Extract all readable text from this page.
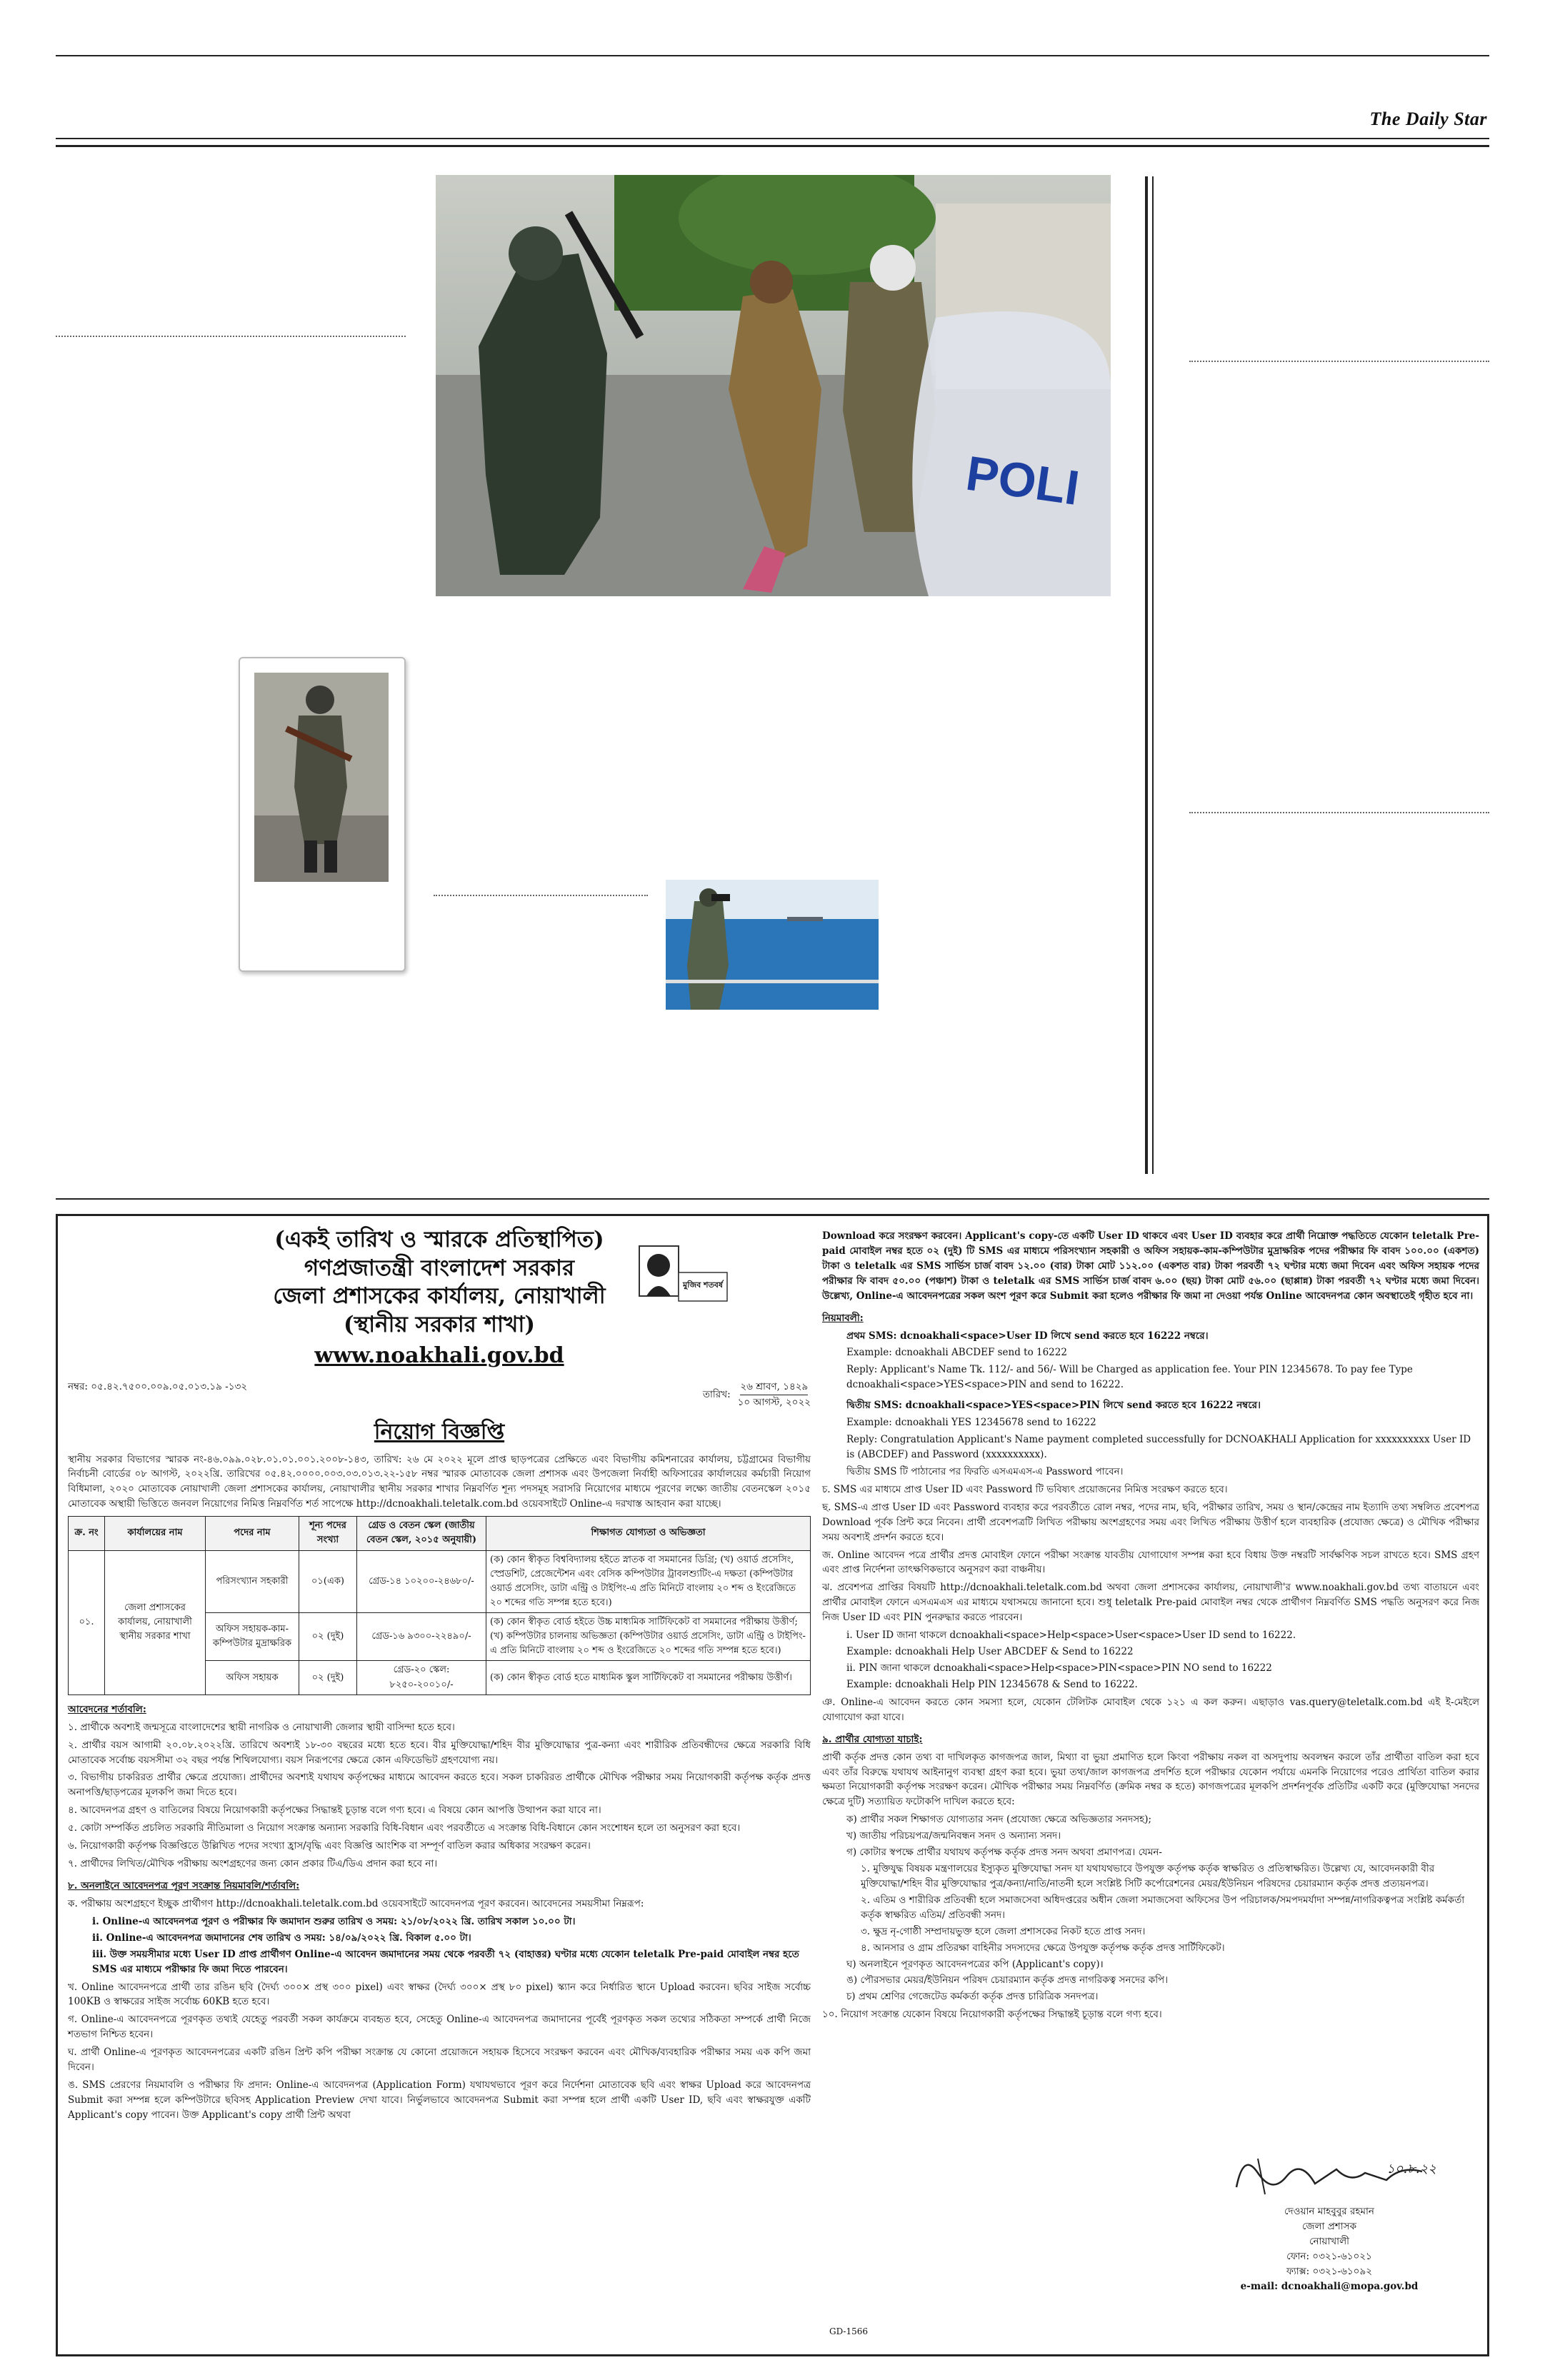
The Daily Star
POLI
(একই তারিখ ও স্মারকে প্রতিস্থাপিত)
গণপ্রজাতন্ত্রী বাংলাদেশ সরকার
জেলা প্রশাসকের কার্যালয়, নোয়াখালী
(স্থানীয় সরকার শাখা)
www.noakhali.gov.bd
মুজিব শতবর্ষ
নম্বর: ০৫.৪২.৭৫০০.০০৯.০৫.০১৩.১৯ -১৩২
তারিখ:
২৬ শ্রাবণ, ১৪২৯
১০ আগস্ট, ২০২২
নিয়োগ বিজ্ঞপ্তি

স্থানীয় সরকার বিভাগের স্মারক নং-৪৬.০৯৯.০২৮.০১.০১.০০১.২০০৮-১৪৩, তারিখ: ২৬ মে ২০২২ মূলে প্রাপ্ত ছাড়পত্রের প্রেক্ষিতে এবং বিভাগীয় কমিশনারের কার্যালয়, চট্টগ্রামের বিভাগীয় নির্বাচনী বোর্ডের ০৮ আগস্ট, ২০২২খ্রি. তারিখের ০৫.৪২.০০০০.০০৩.০৩.০১৩.২২-১৫৮ নম্বর স্মারক মোতাবেক জেলা প্রশাসক এবং উপজেলা নির্বাহী অফিসারের কার্যালয়ের কর্মচারী নিয়োগ বিধিমালা, ২০২০ মোতাবেক নোয়াখালী জেলা প্রশাসকের কার্যালয়, নোয়াখালীর স্থানীয় সরকার শাখার নিম্নবর্ণিত শূন্য পদসমূহ সরাসরি নিয়োগের মাধ্যমে পূরণের লক্ষ্যে জাতীয় বেতনস্কেল ২০১৫ মোতাবেক অস্থায়ী ভিত্তিতে জনবল নিয়োগের নিমিত্ত নিম্নবর্ণিত শর্ত সাপেক্ষে http://dcnoakhali.teletalk.com.bd ওয়েবসাইটে Online-এ দরখাস্ত আহবান করা যাচ্ছে।

ক্র. নং	কার্যালয়ের নাম	পদের নাম	শূন্য পদের সংখ্যা	গ্রেড ও বেতন স্কেল (জাতীয় বেতন স্কেল, ২০১৫ অনুযায়ী)	শিক্ষাগত যোগ্যতা ও অভিজ্ঞতা
০১.	জেলা প্রশাসকের কার্যালয়, নোয়াখালী স্থানীয় সরকার শাখা	পরিসংখ্যান সহকারী	০১(এক)	গ্রেড-১৪ ১০২০০-২৪৬৮০/-	(ক) কোন স্বীকৃত বিশ্ববিদ্যালয় হইতে স্নাতক বা সমমানের ডিগ্রি; (খ) ওয়ার্ড প্রসেসিং, স্প্রেডশিট, প্রেজেন্টেশন এবং বেসিক কম্পিউটার ট্রাবলশ্যুটিং-এ দক্ষতা (কম্পিউটার ওয়ার্ড প্রসেসিং, ডাটা এন্ট্রি ও টাইপিং-এ প্রতি মিনিটে বাংলায় ২০ শব্দ ও ইংরেজিতে ২০ শব্দের গতি সম্পন্ন হতে হবে।)
		অফিস সহায়ক-কাম-কম্পিউটার মুদ্রাক্ষরিক	০২ (দুই)	গ্রেড-১৬ ৯৩০০-২২৪৯০/-	(ক) কোন স্বীকৃত বোর্ড হইতে উচ্চ মাধ্যমিক সার্টিফিকেট বা সমমানের পরীক্ষায় উত্তীর্ণ; (খ) কম্পিউটার চালনায় অভিজ্ঞতা (কম্পিউটার ওয়ার্ড প্রসেসিং, ডাটা এন্ট্রি ও টাইপিং-এ প্রতি মিনিটে বাংলায় ২০ শব্দ ও ইংরেজিতে ২০ শব্দের গতি সম্পন্ন হতে হবে।)
		অফিস সহায়ক	০২ (দুই)	গ্রেড-২০ স্কেল: ৮২৫০-২০০১০/-	(ক) কোন স্বীকৃত বোর্ড হতে মাধ্যমিক স্কুল সার্টিফিকেট বা সমমানের পরীক্ষায় উত্তীর্ণ।
আবেদনের শর্তাবলি:

১. প্রার্থীকে অবশ্যই জন্মসূত্রে বাংলাদেশের স্থায়ী নাগরিক ও নোয়াখালী জেলার স্থায়ী বাসিন্দা হতে হবে।

২. প্রার্থীর বয়স আগামী ২০.০৮.২০২২খ্রি. তারিখে অবশ্যই ১৮-৩০ বছরের মধ্যে হতে হবে। বীর মুক্তিযোদ্ধা/শহিদ বীর মুক্তিযোদ্ধার পুত্র-কন্যা এবং শারীরিক প্রতিবন্ধীদের ক্ষেত্রে সরকারি বিধি মোতাবেক সর্বোচ্চ বয়সসীমা ৩২ বছর পর্যন্ত শিথিলযোগ্য। বয়স নিরূপণের ক্ষেত্রে কোন এফিডেভিট গ্রহণযোগ্য নয়।

৩. বিভাগীয় চাকরিরত প্রার্থীর ক্ষেত্রে প্রযোজ্য। প্রার্থীদের অবশ্যই যথাযথ কর্তৃপক্ষের মাধ্যমে আবেদন করতে হবে। সকল চাকরিরত প্রার্থীকে মৌখিক পরীক্ষার সময় নিয়োগকারী কর্তৃপক্ষ কর্তৃক প্রদত্ত অনাপত্তি/ছাড়পত্রের মূলকপি জমা দিতে হবে।

৪. আবেদনপত্র গ্রহণ ও বাতিলের বিষয়ে নিয়োগকারী কর্তৃপক্ষের সিদ্ধান্তই চূড়ান্ত বলে গণ্য হবে। এ বিষয়ে কোন আপত্তি উত্থাপন করা যাবে না।

৫. কোটা সম্পর্কিত প্রচলিত সরকারি নীতিমালা ও নিয়োগ সংক্রান্ত অন্যান্য সরকারি বিধি-বিধান এবং পরবর্তীতে এ সংক্রান্ত বিধি-বিধানে কোন সংশোধন হলে তা অনুসরণ করা হবে।

৬. নিয়োগকারী কর্তৃপক্ষ বিজ্ঞপ্তিতে উল্লিখিত পদের সংখ্যা হ্রাস/বৃদ্ধি এবং বিজ্ঞপ্তি আংশিক বা সম্পূর্ণ বাতিল করার অধিকার সংরক্ষণ করেন।

৭. প্রার্থীদের লিখিত/মৌখিক পরীক্ষায় অংশগ্রহণের জন্য কোন প্রকার টিএ/ডিএ প্রদান করা হবে না।

৮. অনলাইনে আবেদনপত্র পূরণ সংক্রান্ত নিয়মাবলি/শর্তাবলি:

ক. পরীক্ষায় অংশগ্রহণে ইচ্ছুক প্রার্থীগণ http://dcnoakhali.teletalk.com.bd ওয়েবসাইটে আবেদনপত্র পূরণ করবেন। আবেদনের সময়সীমা নিম্নরূপ:

i. Online-এ আবেদনপত্র পূরণ ও পরীক্ষার ফি জমাদান শুরুর তারিখ ও সময়: ২১/০৮/২০২২ খ্রি. তারিখ সকাল ১০.০০ টা।
ii. Online-এ আবেদনপত্র জমাদানের শেষ তারিখ ও সময়: ১৪/০৯/২০২২ খ্রি. বিকাল ৫.০০ টা।
iii. উক্ত সময়সীমার মধ্যে User ID প্রাপ্ত প্রার্থীগণ Online-এ আবেদন জমাদানের সময় থেকে পরবর্তী ৭২ (বাহাত্তর) ঘণ্টার মধ্যে যেকোন teletalk Pre-paid মোবাইল নম্বর হতে SMS এর মাধ্যমে পরীক্ষার ফি জমা দিতে পারবেন।

খ. Online আবেদনপত্রে প্রার্থী তার রঙিন ছবি (দৈর্ঘ্য ৩০০× প্রস্থ ৩০০ pixel) এবং স্বাক্ষর (দৈর্ঘ্য ৩০০× প্রস্থ ৮০ pixel) স্ক্যান করে নির্ধারিত স্থানে Upload করবেন। ছবির সাইজ সর্বোচ্চ 100KB ও স্বাক্ষরের সাইজ সর্বোচ্চ 60KB হতে হবে।

গ. Online-এ আবেদনপত্রে পূরণকৃত তথ্যই যেহেতু পরবর্তী সকল কার্যক্রমে ব্যবহৃত হবে, সেহেতু Online-এ আবেদনপত্র জমাদানের পূর্বেই পূরণকৃত সকল তথ্যের সঠিকতা সম্পর্কে প্রার্থী নিজে শতভাগ নিশ্চিত হবেন।

ঘ. প্রার্থী Online-এ পূরণকৃত আবেদনপত্রের একটি রঙিন প্রিন্ট কপি পরীক্ষা সংক্রান্ত যে কোনো প্রয়োজনে সহায়ক হিসেবে সংরক্ষণ করবেন এবং মৌখিক/ব্যবহারিক পরীক্ষার সময় এক কপি জমা দিবেন।

ঙ. SMS প্রেরণের নিয়মাবলি ও পরীক্ষার ফি প্রদান: Online-এ আবেদনপত্র (Application Form) যথাযথভাবে পূরণ করে নির্দেশনা মোতাবেক ছবি এবং স্বাক্ষর Upload করে আবেদনপত্র Submit করা সম্পন্ন হলে কম্পিউটারে ছবিসহ Application Preview দেখা যাবে। নির্ভুলভাবে আবেদনপত্র Submit করা সম্পন্ন হলে প্রার্থী একটি User ID, ছবি এবং স্বাক্ষরযুক্ত একটি Applicant's copy পাবেন। উক্ত Applicant's copy প্রার্থী প্রিন্ট অথবা

Download করে সংরক্ষণ করবেন। Applicant's copy-তে একটি User ID থাকবে এবং User ID ব্যবহার করে প্রার্থী নিম্নোক্ত পদ্ধতিতে যেকোন teletalk Pre-paid মোবাইল নম্বর হতে ০২ (দুই) টি SMS এর মাধ্যমে পরিসংখ্যান সহকারী ও অফিস সহায়ক-কাম-কম্পিউটার মুদ্রাক্ষরিক পদের পরীক্ষার ফি বাবদ ১০০.০০ (একশত) টাকা ও teletalk এর SMS সার্ভিস চার্জ বাবদ ১২.০০ (বার) টাকা মোট ১১২.০০ (একশত বার) টাকা পরবর্তী ৭২ ঘণ্টার মধ্যে জমা দিবেন এবং অফিস সহায়ক পদের পরীক্ষার ফি বাবদ ৫০.০০ (পঞ্চাশ) টাকা ও teletalk এর SMS সার্ভিস চার্জ বাবদ ৬.০০ (ছয়) টাকা মোট ৫৬.০০ (ছাপ্পান্ন) টাকা পরবর্তী ৭২ ঘণ্টার মধ্যে জমা দিবেন। উল্লেখ্য, Online-এ আবেদনপত্রের সকল অংশ পূরণ করে Submit করা হলেও পরীক্ষার ফি জমা না দেওয়া পর্যন্ত Online আবেদনপত্র কোন অবস্থাতেই গৃহীত হবে না।

নিয়মাবলী:
প্রথম SMS: dcnoakhali<space>User ID লিখে send করতে হবে 16222 নম্বরে।
Example: dcnoakhali ABCDEF send to 16222
Reply: Applicant's Name Tk. 112/- and 56/- Will be Charged as application fee. Your PIN 12345678. To pay fee Type dcnoakhali<space>YES<space>PIN and send to 16222.
দ্বিতীয় SMS: dcnoakhali<space>YES<space>PIN লিখে send করতে হবে 16222 নম্বরে।
Example: dcnoakhali YES 12345678 send to 16222
Reply: Congratulation Applicant's Name payment completed successfully for DCNOAKHALI Application for xxxxxxxxxx User ID is (ABCDEF) and Password (xxxxxxxxxx).
দ্বিতীয় SMS টি পাঠানোর পর ফিরতি এসএমএস-এ Password পাবেন।

চ. SMS এর মাধ্যমে প্রাপ্ত User ID এবং Password টি ভবিষ্যৎ প্রয়োজনের নিমিত্ত সংরক্ষণ করতে হবে।

ছ. SMS-এ প্রাপ্ত User ID এবং Password ব্যবহার করে পরবর্তীতে রোল নম্বর, পদের নাম, ছবি, পরীক্ষার তারিখ, সময় ও স্থান/কেন্দ্রের নাম ইত্যাদি তথ্য সম্বলিত প্রবেশপত্র Download পূর্বক প্রিন্ট করে নিবেন। প্রার্থী প্রবেশপত্রটি লিখিত পরীক্ষায় অংশগ্রহণের সময় এবং লিখিত পরীক্ষায় উত্তীর্ণ হলে ব্যবহারিক (প্রযোজ্য ক্ষেত্রে) ও মৌখিক পরীক্ষার সময় অবশ্যই প্রদর্শন করতে হবে।

জ. Online আবেদন পত্রে প্রার্থীর প্রদত্ত মোবাইল ফোনে পরীক্ষা সংক্রান্ত যাবতীয় যোগাযোগ সম্পন্ন করা হবে বিধায় উক্ত নম্বরটি সার্বক্ষণিক সচল রাখতে হবে। SMS গ্রহণ এবং প্রাপ্ত নির্দেশনা তাৎক্ষণিকভাবে অনুসরণ করা বাঞ্চনীয়।

ঝ. প্রবেশপত্র প্রাপ্তির বিষয়টি http://dcnoakhali.teletalk.com.bd অথবা জেলা প্রশাসকের কার্যালয়, নোয়াখালী'র www.noakhali.gov.bd তথ্য বাতায়নে এবং প্রার্থীর মোবাইল ফোনে এসএমএস এর মাধ্যমে যথাসময়ে জানানো হবে। শুধু teletalk Pre-paid মোবাইল নম্বর থেকে প্রার্থীগণ নিম্নবর্ণিত SMS পদ্ধতি অনুসরণ করে নিজ নিজ User ID এবং PIN পুনরুদ্ধার করতে পারবেন।

i. User ID জানা থাকলে dcnoakhali<space>Help<space>User<space>User ID send to 16222.
Example: dcnoakhali Help User ABCDEF & Send to 16222
ii. PIN জানা থাকলে dcnoakhali<space>Help<space>PIN<space>PIN NO send to 16222
Example: dcnoakhali Help PIN 12345678 & Send to 16222.

ঞ. Online-এ আবেদন করতে কোন সমস্যা হলে, যেকোন টেলিটক মোবাইল থেকে ১২১ এ কল করুন। এছাড়াও vas.query@teletalk.com.bd এই ই-মেইলে যোগাযোগ করা যাবে।

৯. প্রার্থীর যোগ্যতা যাচাই:

প্রার্থী কর্তৃক প্রদত্ত কোন তথ্য বা দাখিলকৃত কাগজপত্র জাল, মিথ্যা বা ভুয়া প্রমাণিত হলে কিংবা পরীক্ষায় নকল বা অসদুপায় অবলম্বন করলে তাঁর প্রার্থীতা বাতিল করা হবে এবং তাঁর বিরুদ্ধে যথাযথ আইনানুগ ব্যবস্থা গ্রহণ করা হবে। ভুয়া তথ্য/জাল কাগজপত্র প্রদর্শিত হলে পরীক্ষার যেকোন পর্যায়ে এমনকি নিয়োগের পরেও প্রার্থিতা বাতিল করার ক্ষমতা নিয়োগকারী কর্তৃপক্ষ সংরক্ষণ করেন। মৌখিক পরীক্ষার সময় নিম্নবর্ণিত (ক্রমিক নম্বর ক হতে) কাগজপত্রের মূলকপি প্রদর্শনপূর্বক প্রতিটির একটি করে (মুক্তিযোদ্ধা সনদের ক্ষেত্রে দুটি) সত্যায়িত ফটোকপি দাখিল করতে হবে:

ক) প্রার্থীর সকল শিক্ষাগত যোগ্যতার সনদ (প্রযোজ্য ক্ষেত্রে অভিজ্ঞতার সনদসহ);
খ) জাতীয় পরিচয়পত্র/জন্মনিবন্ধন সনদ ও অন্যান্য সনদ।
গ) কোটার স্বপক্ষে প্রার্থীর যথাযথ কর্তৃপক্ষ কর্তৃক প্রদত্ত সনদ অথবা প্রমাণপত্র। যেমন-
১. মুক্তিযুদ্ধ বিষয়ক মন্ত্রণালয়ের ইস্যুকৃত মুক্তিযোদ্ধা সনদ যা যথাযথভাবে উপযুক্ত কর্তৃপক্ষ কর্তৃক স্বাক্ষরিত ও প্রতিস্বাক্ষরিত। উল্লেখ্য যে, আবেদনকারী বীর মুক্তিযোদ্ধা/শহিদ বীর মুক্তিযোদ্ধার পুত্র/কন্যা/নাতি/নাতনী হলে সংশ্লিষ্ট সিটি কর্পোরেশনের মেয়র/ইউনিয়ন পরিষদের চেয়ারম্যান কর্তৃক প্রদত্ত প্রত্যয়নপত্র।
২. এতিম ও শারীরিক প্রতিবন্ধী হলে সমাজসেবা অধিদপ্তরের অধীন জেলা সমাজসেবা অফিসের উপ পরিচালক/সমপদমর্যাদা সম্পন্ন/নাগরিকত্বপত্র সংশ্লিষ্ট কর্মকর্তা কর্তৃক স্বাক্ষরিত এতিম/ প্রতিবন্ধী সনদ।
৩. ক্ষুদ্র নৃ-গোষ্ঠী সম্প্রদায়ভুক্ত হলে জেলা প্রশাসকের নিকট হতে প্রাপ্ত সনদ।
৪. আনসার ও গ্রাম প্রতিরক্ষা বাহিনীর সদস্যদের ক্ষেত্রে উপযুক্ত কর্তৃপক্ষ কর্তৃক প্রদত্ত সার্টিফিকেট।
ঘ) অনলাইনে পূরণকৃত আবেদনপত্রের কপি (Applicant's copy)।
ঙ) পৌরসভার মেয়র/ইউনিয়ন পরিষদ চেয়ারম্যান কর্তৃক প্রদত্ত নাগরিকত্ব সনদের কপি।
চ) প্রথম শ্রেণির গেজেটেড কর্মকর্তা কর্তৃক প্রদত্ত চারিত্রিক সনদপত্র।

১০. নিয়োগ সংক্রান্ত যেকোন বিষয়ে নিয়োগকারী কর্তৃপক্ষের সিদ্ধান্তই চূড়ান্ত বলে গণ্য হবে।

১০.৮.২২
দেওয়ান মাহবুবুর রহমান
জেলা প্রশাসক
নোয়াখালী
ফোন: ০৩২১-৬১০২১
ফ্যাক্স: ০৩২১-৬১০৯২
e-mail: dcnoakhali@mopa.gov.bd
GD-1566
